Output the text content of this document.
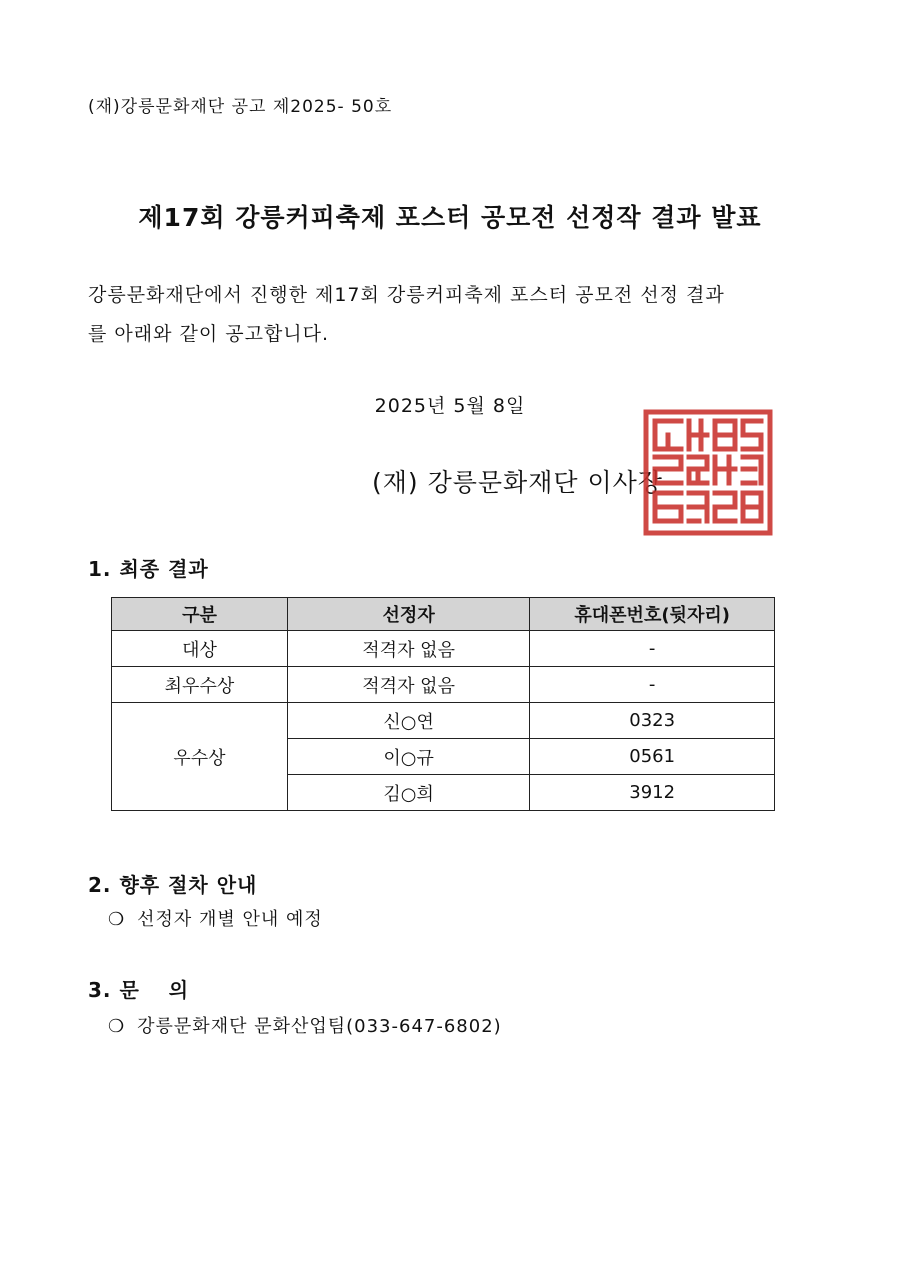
(재)강릉문화재단 공고 제2025- 50호
제17회 강릉커피축제 포스터 공모전 선정작 결과 발표
강릉문화재단에서 진행한 제17회 강릉커피축제 포스터 공모전 선정 결과
를 아래와 같이 공고합니다.
2025년 5월 8일
(재) 강릉문화재단 이사장
1. 최종 결과
구분	선정자	휴대폰번호(뒷자리)
대상	적격자 없음	-
최우수상	적격자 없음	-
우수상	신○연	0323
	이○규	0561
	김○희	3912
2. 향후 절차 안내
❍ 선정자 개별 안내 예정
3. 문의
❍ 강릉문화재단 문화산업팀(033-647-6802)
